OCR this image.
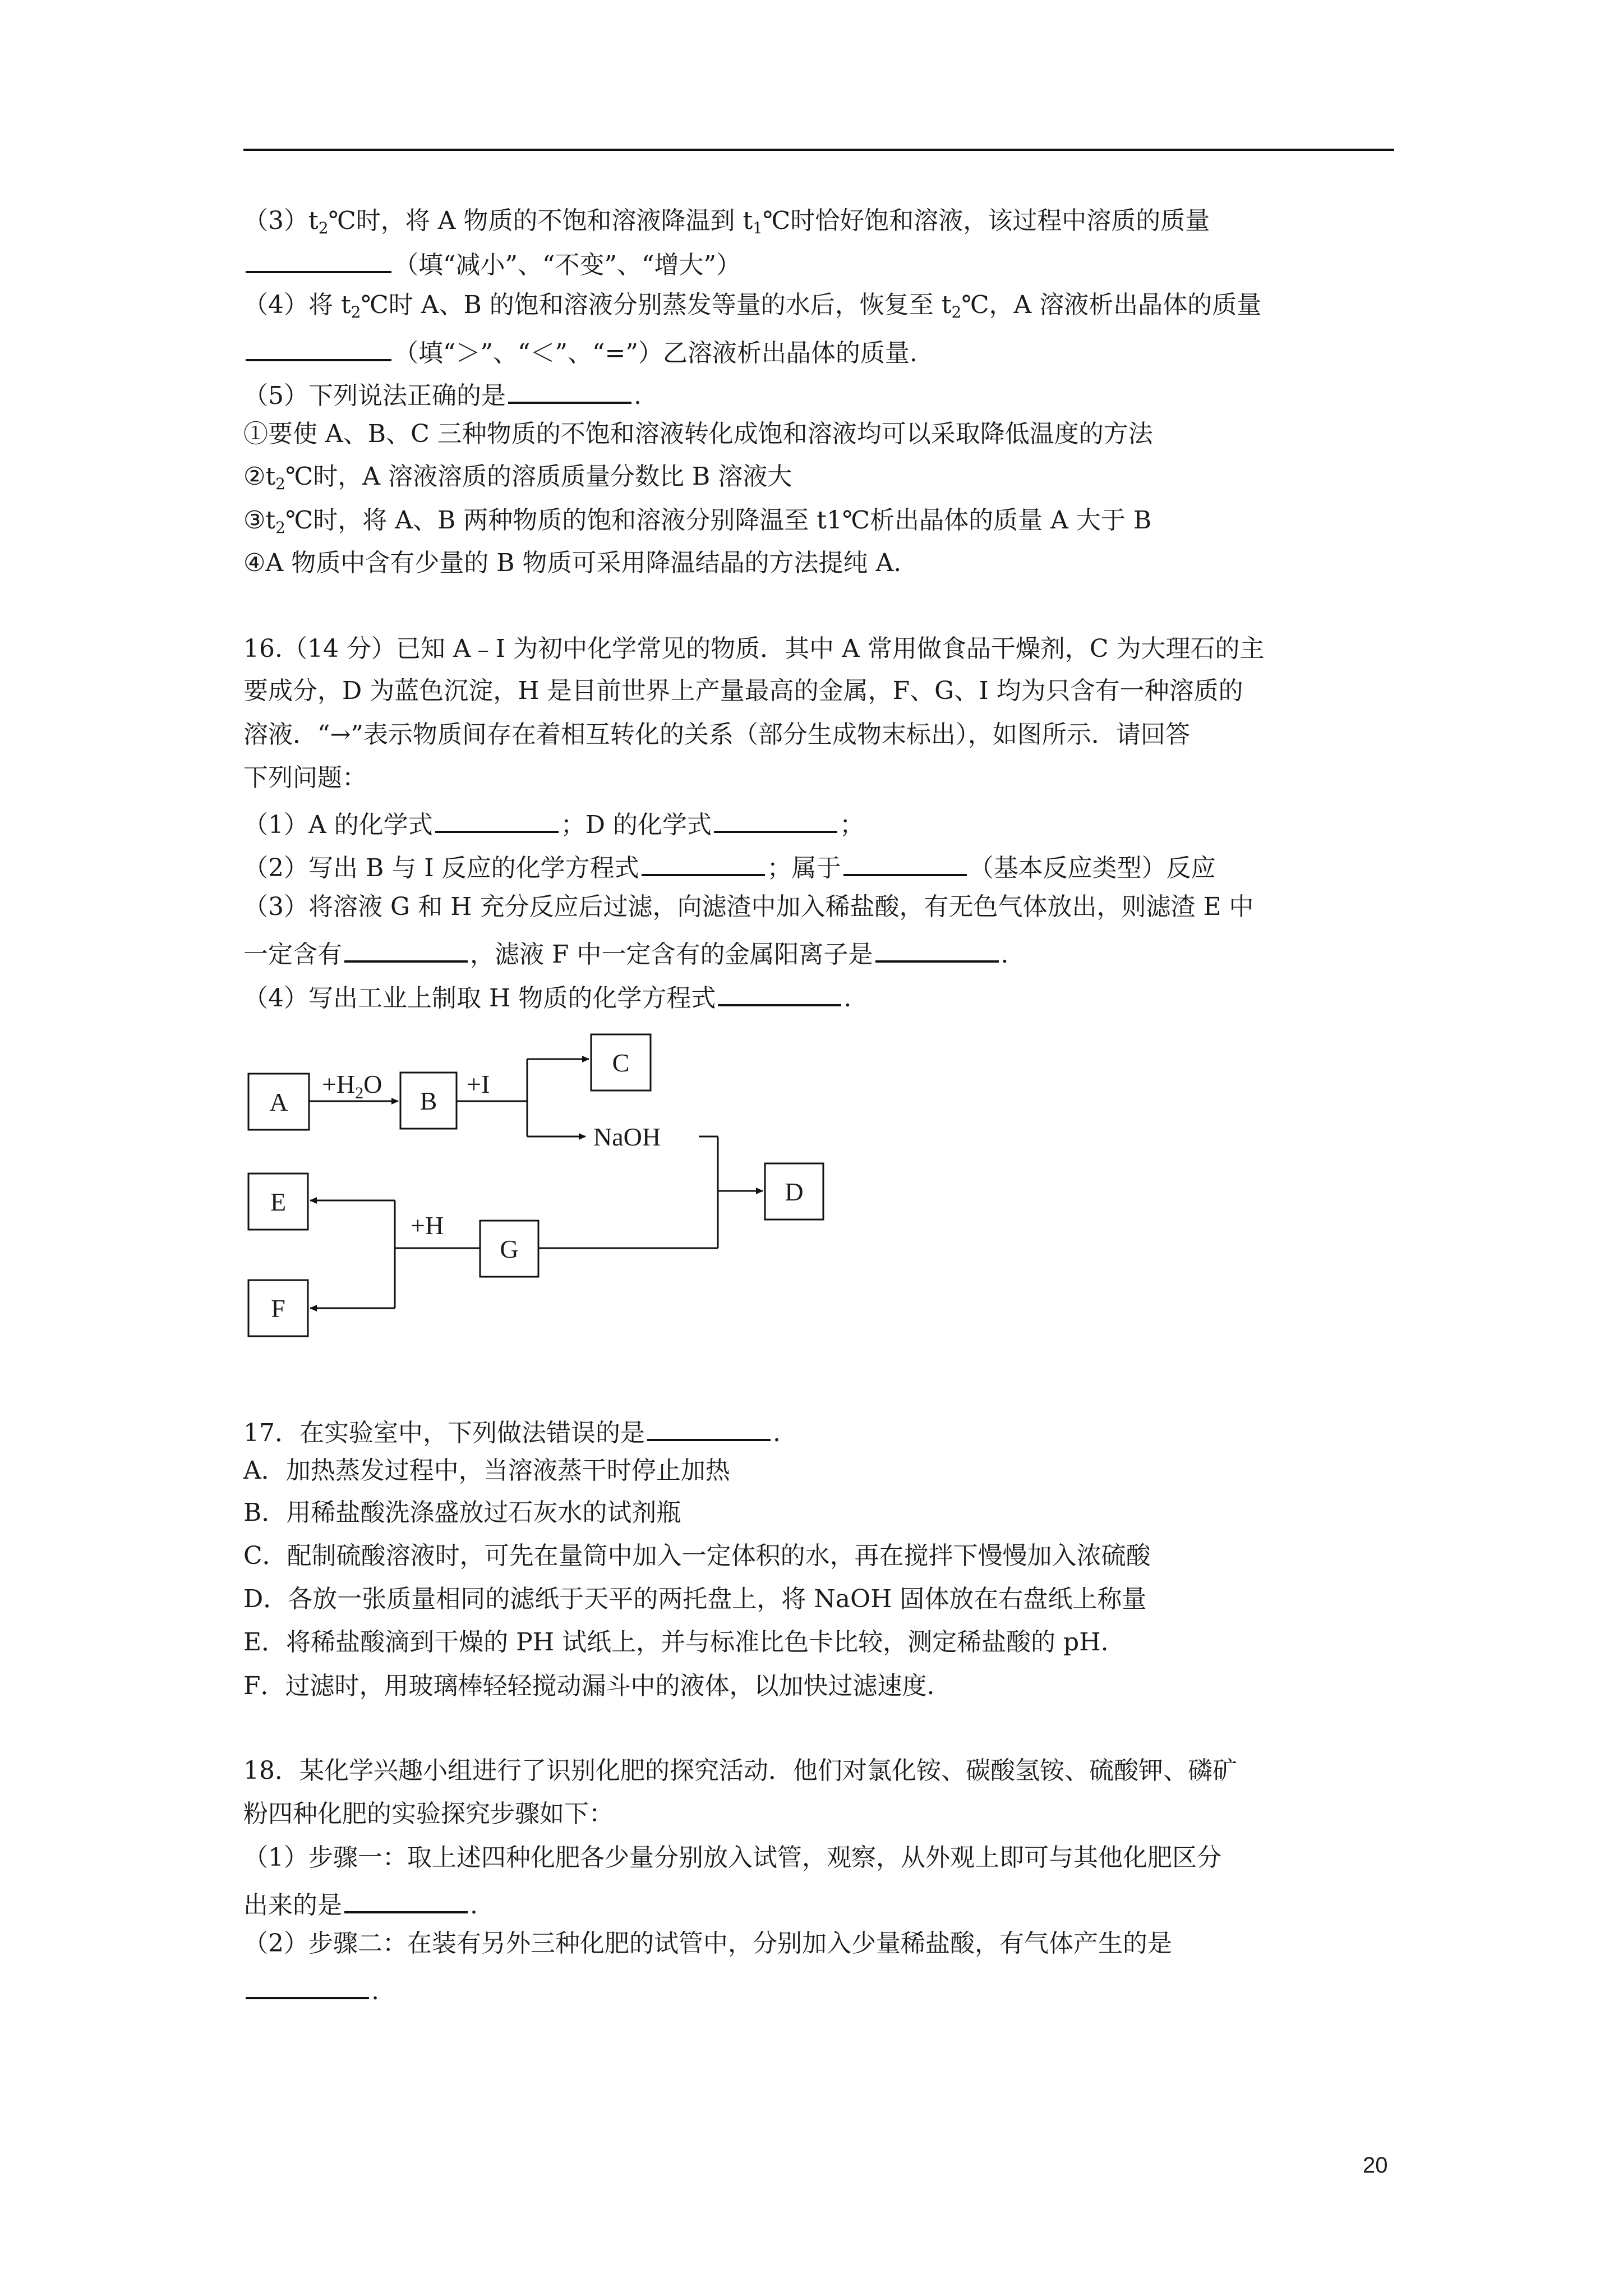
$(3)t_2℃$时，将 A 物质的不饱和溶液降温到 $t_1℃$时恰好饱和溶液，该过程中溶质的质量
（填“减小”、“不变”、“增大”）
（4）将 $t_2℃$时 A、B 的饱和溶液分别蒸发等量的水后，恢复至 $t_2℃$，A 溶液析出晶体的质量
（填“＞”、“＜”、“=”）乙溶液析出晶体的质量.
（5）下列说法正确的是	.
①要使 A、B、C 三种物质的不饱和溶液转化成饱和溶液均可以采取降低温度的方法
$②t_2℃$时，A 溶液溶质的溶质质量分数比 B 溶液大
$③t_2℃$时，将 A、B 两种物质的饱和溶液分别降温至 t1℃析出晶体的质量 A 大于 B
④A 物质中含有少量的 B 物质可采用降温结晶的方法提纯 A.
16.（14 分）已知 A﹣I 为初中化学常见的物质．其中 A 常用做食品干燥剂，C 为大理石的主
要成分，D 为蓝色沉淀，H 是目前世界上产量最高的金属，F、G、I 均为只含有一种溶质的
溶液．“→”表示物质间存在着相互转化的关系（部分生成物末标出），如图所示．请回答
下列问题：
（1）A 的化学式	；D 的化学式	；
（2）写出 B 与 I 反应的化学方程式	；属于	（基本反应类型）反应
（3）将溶液 G 和 H 充分反应后过滤，向滤渣中加入稀盐酸，有无色气体放出，则滤渣 E 中
一定含有	，滤液 F 中一定含有的金属阳离子是	.
（4）写出工业上制取 H 物质的化学方程式	.
A	B
C
D
E
G
F
$+H_2O$	+I
NaOH
+H
17．在实验室中，下列做法错误的是	.
A．加热蒸发过程中，当溶液蒸干时停止加热
B．用稀盐酸洗涤盛放过石灰水的试剂瓶
C．配制硫酸溶液时，可先在量筒中加入一定体积的水，再在搅拌下慢慢加入浓硫酸
D．各放一张质量相同的滤纸于天平的两托盘上，将 NaOH 固体放在右盘纸上称量
E．将稀盐酸滴到干燥的 PH 试纸上，并与标准比色卡比较，测定稀盐酸的 pH.
F．过滤时，用玻璃棒轻轻搅动漏斗中的液体，以加快过滤速度.
18．某化学兴趣小组进行了识别化肥的探究活动．他们对氯化铵、碳酸氢铵、硫酸钾、磷矿
粉四种化肥的实验探究步骤如下：
（1）步骤一：取上述四种化肥各少量分别放入试管，观察，从外观上即可与其他化肥区分
出来的是	.
（2）步骤二：在装有另外三种化肥的试管中，分别加入少量稀盐酸，有气体产生的是
.
20
